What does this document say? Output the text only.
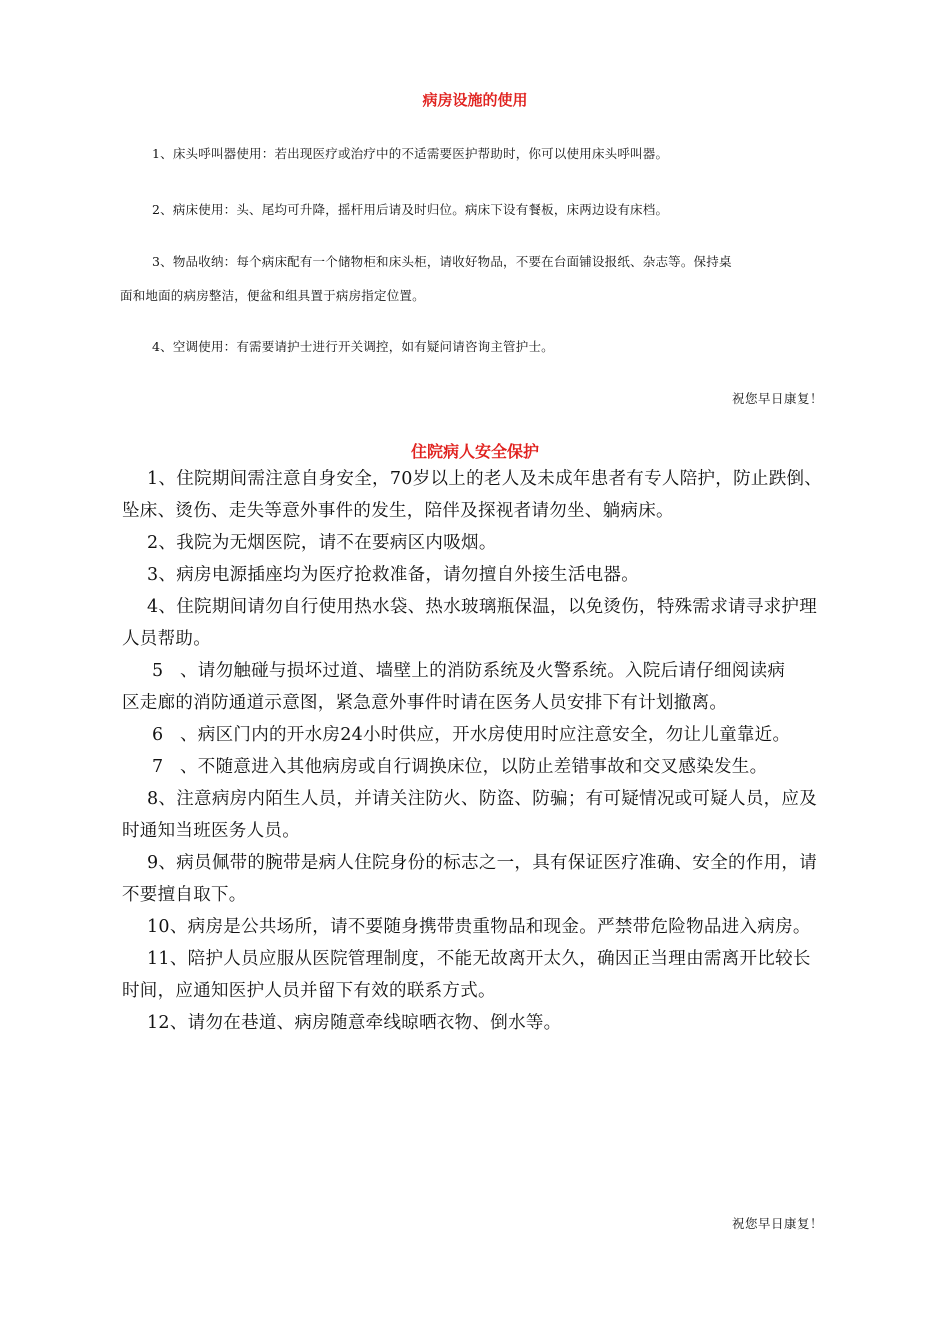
病房设施的使用
1、床头呼叫器使用：若出现医疗或治疗中的不适需要医护帮助时，你可以使用床头呼叫器。
2、病床使用：头、尾均可升降，摇杆用后请及时归位。病床下设有餐板，床两边设有床档。
3、物品收纳：每个病床配有一个储物柜和床头柜，请收好物品，不要在台面铺设报纸、杂志等。保持桌
面和地面的病房整洁，便盆和组具置于病房指定位置。
4、空调使用：有需要请护士进行开关调控，如有疑问请咨询主管护士。
祝您早日康复！
住院病人安全保护
1、住院期间需注意自身安全，70岁以上的老人及未成年患者有专人陪护，防止跌倒、
坠床、烫伤、走失等意外事件的发生，陪伴及探视者请勿坐、躺病床。
2、我院为无烟医院，请不在要病区内吸烟。
3、病房电源插座均为医疗抢救准备，请勿擅自外接生活电器。
4、住院期间请勿自行使用热水袋、热水玻璃瓶保温，以免烫伤，特殊需求请寻求护理
人员帮助。
5 、请勿触碰与损坏过道、墙壁上的消防系统及火警系统。入院后请仔细阅读病
区走廊的消防通道示意图，紧急意外事件时请在医务人员安排下有计划撤离。
6 、病区门内的开水房24小时供应，开水房使用时应注意安全，勿让儿童靠近。
7 、不随意进入其他病房或自行调换床位，以防止差错事故和交叉感染发生。
8、注意病房内陌生人员，并请关注防火、防盗、防骗；有可疑情况或可疑人员，应及
时通知当班医务人员。
9、病员佩带的腕带是病人住院身份的标志之一，具有保证医疗准确、安全的作用，请
不要擅自取下。
10、病房是公共场所，请不要随身携带贵重物品和现金。严禁带危险物品进入病房。
11、陪护人员应服从医院管理制度，不能无故离开太久，确因正当理由需离开比较长
时间，应通知医护人员并留下有效的联系方式。
12、请勿在巷道、病房随意牵线晾晒衣物、倒水等。
祝您早日康复！
